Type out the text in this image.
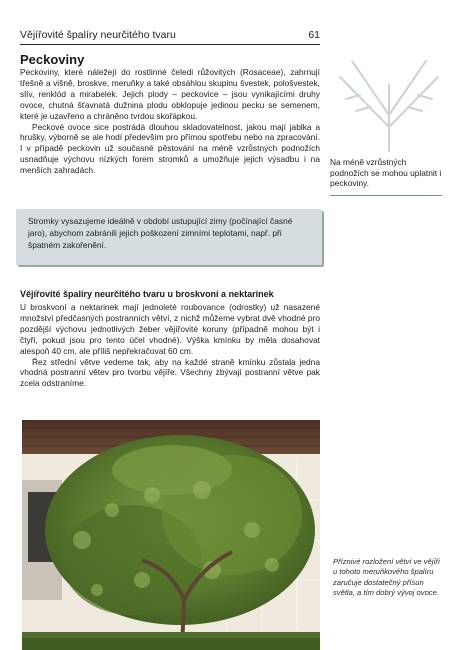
Vějířovité špalíry neurčitého tvaru	61
Peckoviny

Peckoviny, které náležejí do rostlinné čeledi růžovitých (Rosaceae), zahrnují třešně a višně, broskve, meruňky a také obsáhlou skupinu švestek, pološvestek, slív, renklód a mirabelek. Jejich plody – peckovice – jsou vynikajícími druhy ovoce, chutná šťavnatá dužnina plodu obklopuje jedinou pecku se semenem, které je uzavřeno a chráněno tvrdou skořápkou.

Peckové ovoce sice postrádá dlouhou skladovatelnost, jakou mají jablka a hrušky, výborně se ale hodí především pro přímou spotřebu nebo na zpracování. I v případě peckovin už současné pěstování na méně vzrůstných podnožích usnadňuje výchovu nízkých forem stromků a umožňuje jejich výsadbu i na menších zahradách.

Stromky vysazujeme ideálně v období ustupující zimy (počínající časné jaro), abychom zabránili jejich poškození zimními teplotami, např. při špatném zakořenění.
Vějířovité špalíry neurčitého tvaru u broskvoní a nektarinek

U broskvoní a nektarinek mají jednoleté roubovance (odrostky) už nasazené množství předčasných postranních větví, z nichž můžeme vybrat dvě vhodné pro pozdější výchovu jednotlivých žeber vějířovité koruny (případně mohou být i čtyři, pokud jsou pro tento účel vhodné). Výška kmínku by měla dosahovat alespoň 40 cm, ale příliš nepřekračovat 60 cm.

Řez střední větve vedeme tak, aby na každé straně kmínku zůstala jedna vhodná postranní větev pro tvorbu vějíře. Všechny zbývají postranní větve pak zcela odstraníme.

Na méně vzrůstných podnožích se mohou uplatnit i peckoviny.
Příznivé rozložení větví ve vějíři u tohoto meruňkového špalíru zaručuje dostatečný přísun světla, a tím dobrý vývoj ovoce.
